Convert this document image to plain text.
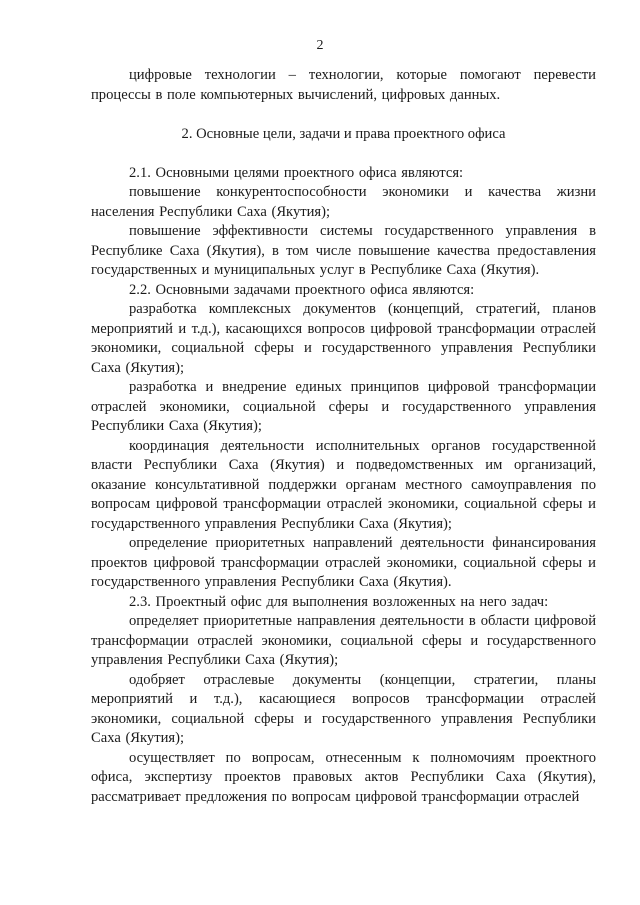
2

цифровые технологии – технологии, которые помогают перевести процессы в поле компьютерных вычислений, цифровых данных.

2. Основные цели, задачи и права проектного офиса

2.1. Основными целями проектного офиса являются:

повышение конкурентоспособности экономики и качества жизни населения Республики Саха (Якутия);

повышение эффективности системы государственного управления в Республике Саха (Якутия), в том числе повышение качества предоставления государственных и муниципальных услуг в Республике Саха (Якутия).

2.2. Основными задачами проектного офиса являются:

разработка комплексных документов (концепций, стратегий, планов мероприятий и т.д.), касающихся вопросов цифровой трансформации отраслей экономики, социальной сферы и государственного управления Республики Саха (Якутия);

разработка и внедрение единых принципов цифровой трансформации отраслей экономики, социальной сферы и государственного управления Республики Саха (Якутия);

координация деятельности исполнительных органов государственной власти Республики Саха (Якутия) и подведомственных им организаций, оказание консультативной поддержки органам местного самоуправления по вопросам цифровой трансформации отраслей экономики, социальной сферы и государственного управления Республики Саха (Якутия);

определение приоритетных направлений деятельности финансирования проектов цифровой трансформации отраслей экономики, социальной сферы и государственного управления Республики Саха (Якутия).

2.3. Проектный офис для выполнения возложенных на него задач:

определяет приоритетные направления деятельности в области цифровой трансформации отраслей экономики, социальной сферы и государственного управления Республики Саха (Якутия);

одобряет отраслевые документы (концепции, стратегии, планы мероприятий и т.д.), касающиеся вопросов трансформации отраслей экономики, социальной сферы и государственного управления Республики Саха (Якутия);

осуществляет по вопросам, отнесенным к полномочиям проектного офиса, экспертизу проектов правовых актов Республики Саха (Якутия), рассматривает предложения по вопросам цифровой трансформации отраслей
